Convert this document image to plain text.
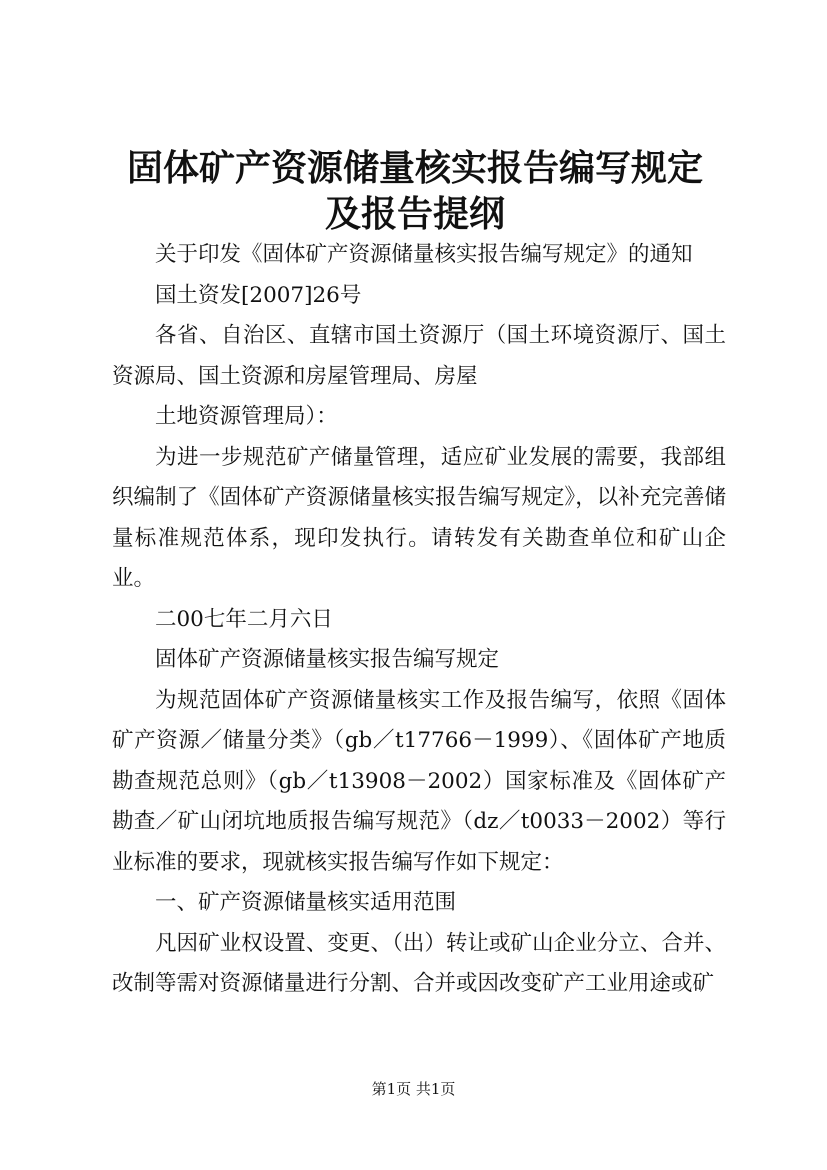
固体矿产资源储量核实报告编写规定及报告提纲

关于印发《固体矿产资源储量核实报告编写规定》的通知

国土资发[2007]26号

各省、自治区、直辖市国土资源厅（国土环境资源厅、国土资源局、国土资源和房屋管理局、房屋

土地资源管理局）：

为进一步规范矿产储量管理，适应矿业发展的需要，我部组织编制了《固体矿产资源储量核实报告编写规定》，以补充完善储量标准规范体系，现印发执行。请转发有关勘查单位和矿山企业。

二00七年二月六日

固体矿产资源储量核实报告编写规定

为规范固体矿产资源储量核实工作及报告编写，依照《固体矿产资源／储量分类》（gb／t17766－1999）、《固体矿产地质勘查规范总则》（gb／t13908－2002）国家标准及《固体矿产勘查／矿山闭坑地质报告编写规范》（dz／t0033－2002）等行业标准的要求，现就核实报告编写作如下规定：

一、矿产资源储量核实适用范围

凡因矿业权设置、变更、（出）转让或矿山企业分立、合并、改制等需对资源储量进行分割、合并或因改变矿产工业用途或矿

第1页 共1页
